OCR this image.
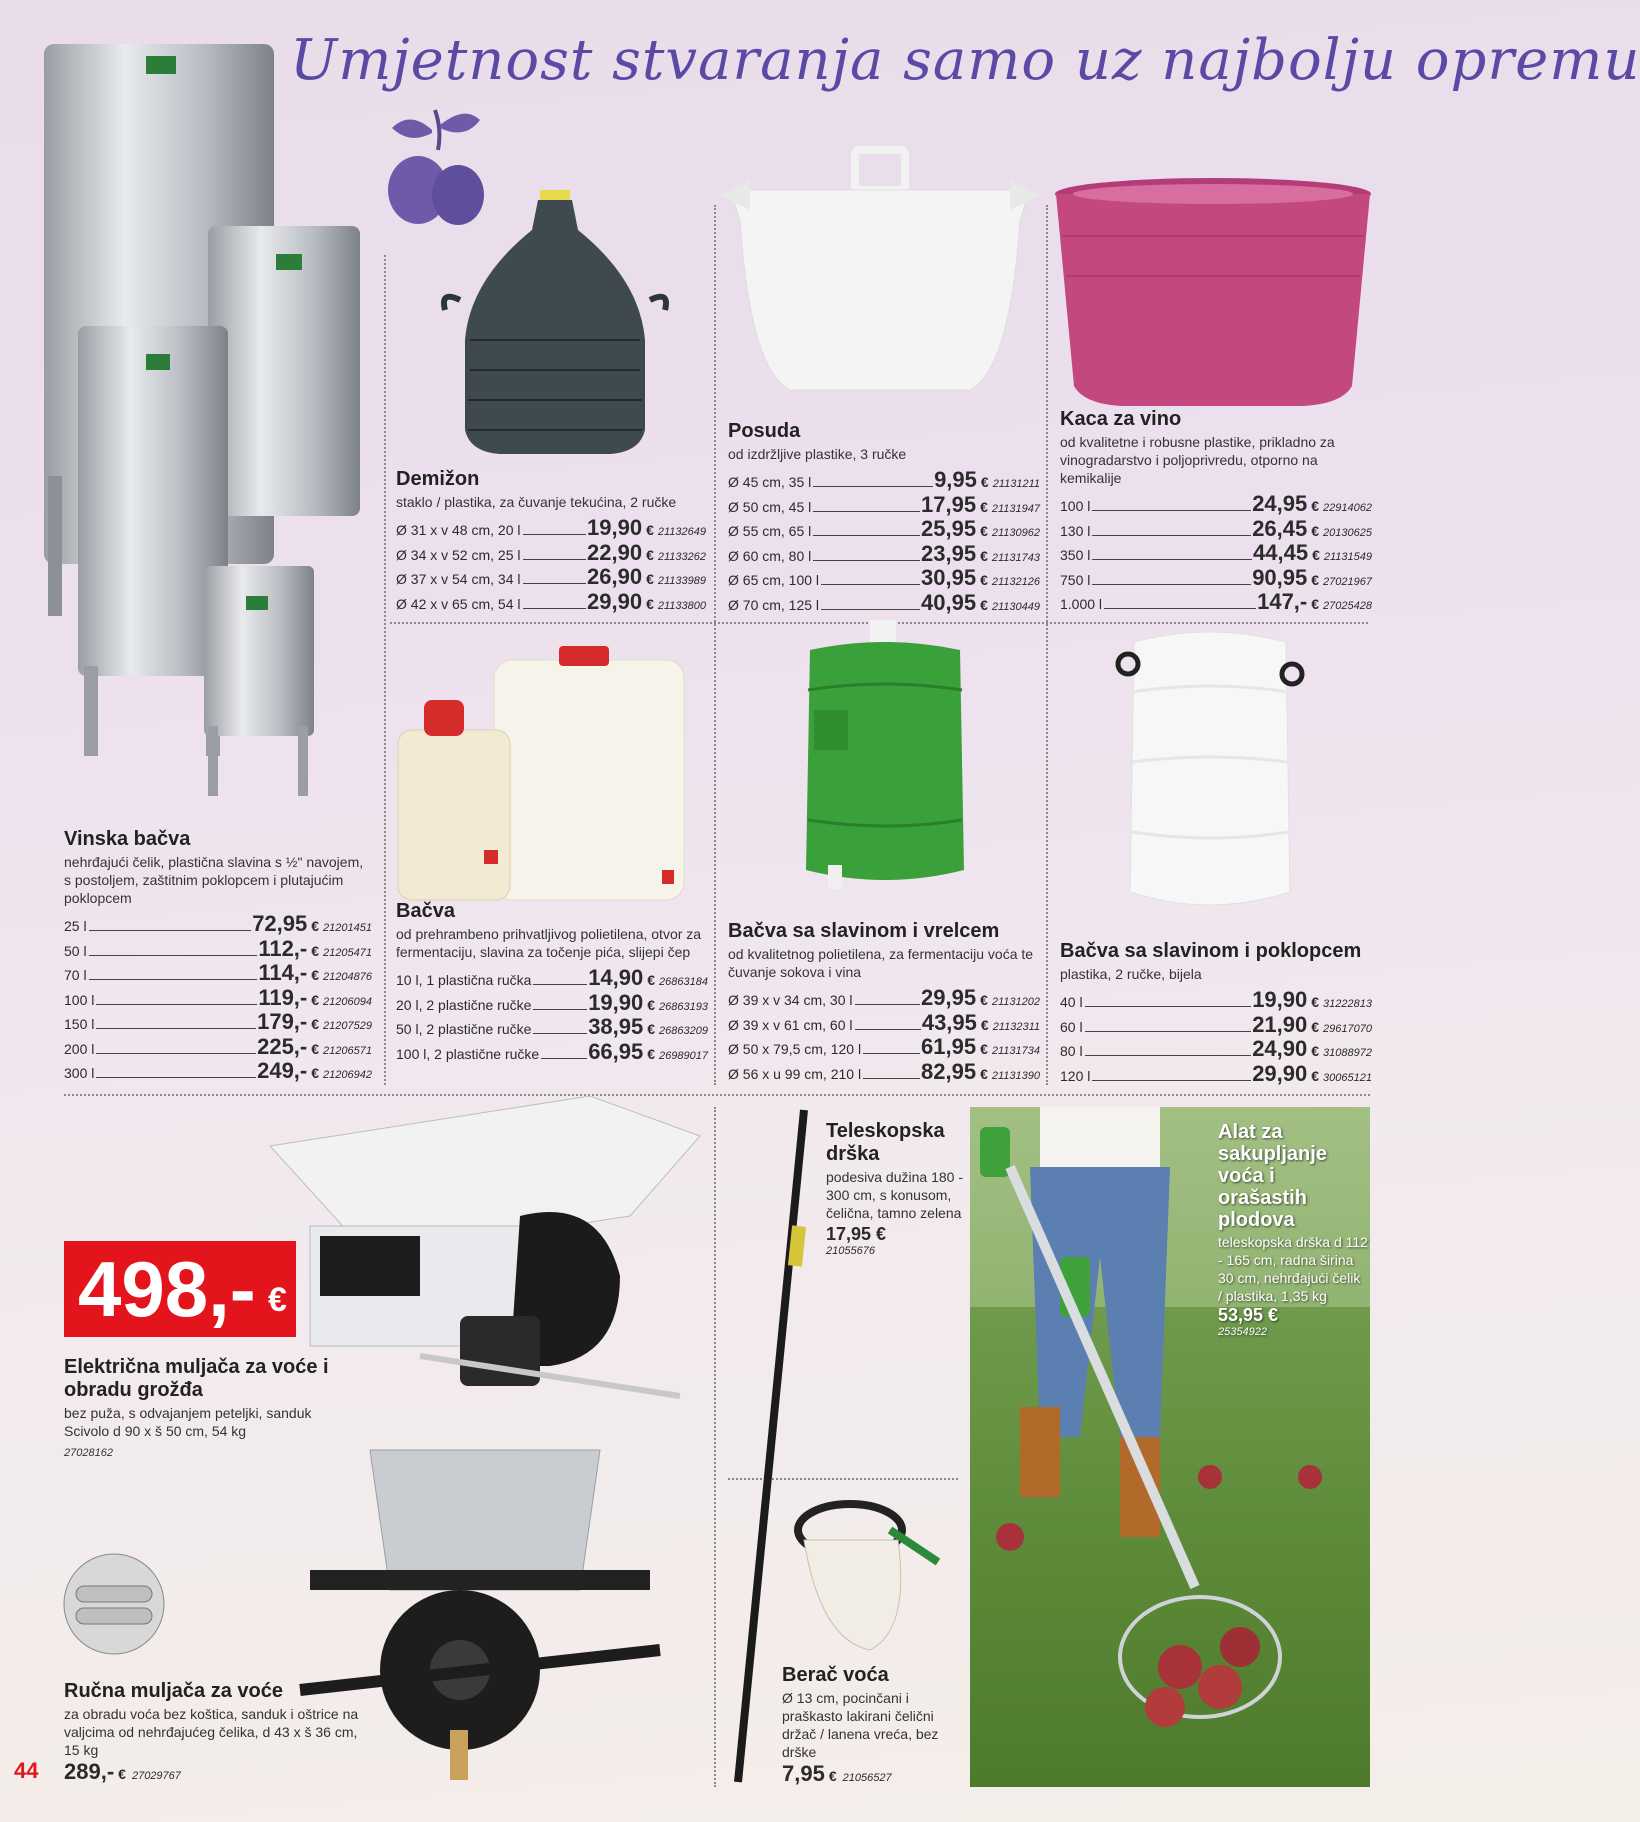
Umjetnost stvaranja samo uz najbolju opremu
Vinska bačva
nehrđajući čelik, plastična slavina s ½" navojem, s postoljem, zaštitnim poklopcem i plutajućim poklopcem
25 l	72,95 € 21201451
50 l	112,- € 21205471
70 l	114,- € 21204876
100 l	119,- € 21206094
150 l	179,- € 21207529
200 l	225,- € 21206571
300 l	249,- € 21206942
Demižon
staklo / plastika, za čuvanje tekućina, 2 ručke
Ø 31 x v 48 cm, 20 l	19,90 € 21132649
Ø 34 x v 52 cm, 25 l	22,90 € 21133262
Ø 37 x v 54 cm, 34 l	26,90 € 21133989
Ø 42 x v 65 cm, 54 l	29,90 € 21133800
Posuda
od izdržljive plastike, 3 ručke
Ø 45 cm, 35 l	9,95 € 21131211
Ø 50 cm, 45 l	17,95 € 21131947
Ø 55 cm, 65 l	25,95 € 21130962
Ø 60 cm, 80 l	23,95 € 21131743
Ø 65 cm, 100 l	30,95 € 21132126
Ø 70 cm, 125 l	40,95 € 21130449
Kaca za vino
od kvalitetne i robusne plastike, prikladno za vinogradarstvo i poljoprivredu, otporno na kemikalije
100 l	24,95 € 22914062
130 l	26,45 € 20130625
350 l	44,45 € 21131549
750 l	90,95 € 27021967
1.000 l	147,- € 27025428
Bačva
od prehrambeno prihvatljivog polietilena, otvor za fermentaciju, slavina za točenje pića, slijepi čep
10 l, 1 plastična ručka	14,90 € 26863184
20 l, 2 plastične ručke	19,90 € 26863193
50 l, 2 plastične ručke	38,95 € 26863209
100 l, 2 plastične ručke 66,95 € 26989017
Bačva sa slavinom i vrelcem
od kvalitetnog polietilena, za fermentaciju voća te čuvanje sokova i vina
Ø 39 x v 34 cm, 30 l	29,95 € 21131202
Ø 39 x v 61 cm, 60 l	43,95 € 21132311
Ø 50 x 79,5 cm, 120 l	61,95 € 21131734
Ø 56 x u 99 cm, 210 l	82,95 € 21131390
Bačva sa slavinom i poklopcem
plastika, 2 ručke, bijela
40 l	19,90 € 31222813
60 l	21,90 € 29617070
80 l	24,90 € 31088972
120 l	29,90 € 30065121
498,- €
Električna muljača za voće i obradu grožđa
bez puža, s odvajanjem peteljki, sanduk Scivolo d 90 x š 50 cm, 54 kg
27028162
Ručna muljača za voće
za obradu voća bez koštica, sanduk i oštrice na valjcima od nehrđajućeg čelika, d 43 x š 36 cm, 15 kg
289,- € 27029767
44
Teleskopska drška
podesiva dužina 180 - 300 cm, s konusom, čelična, tamno zelena
17,95 €
21055676
Berač voća
Ø 13 cm, pocinčani i praškasto lakirani čelični držač / lanena vreća, bez drške
7,95 € 21056527
Alat za sakupljanje voća i orašastih plodova
teleskopska drška d 112 - 165 cm, radna širina 30 cm, nehrđajući čelik / plastika, 1,35 kg
53,95 €
25354922
